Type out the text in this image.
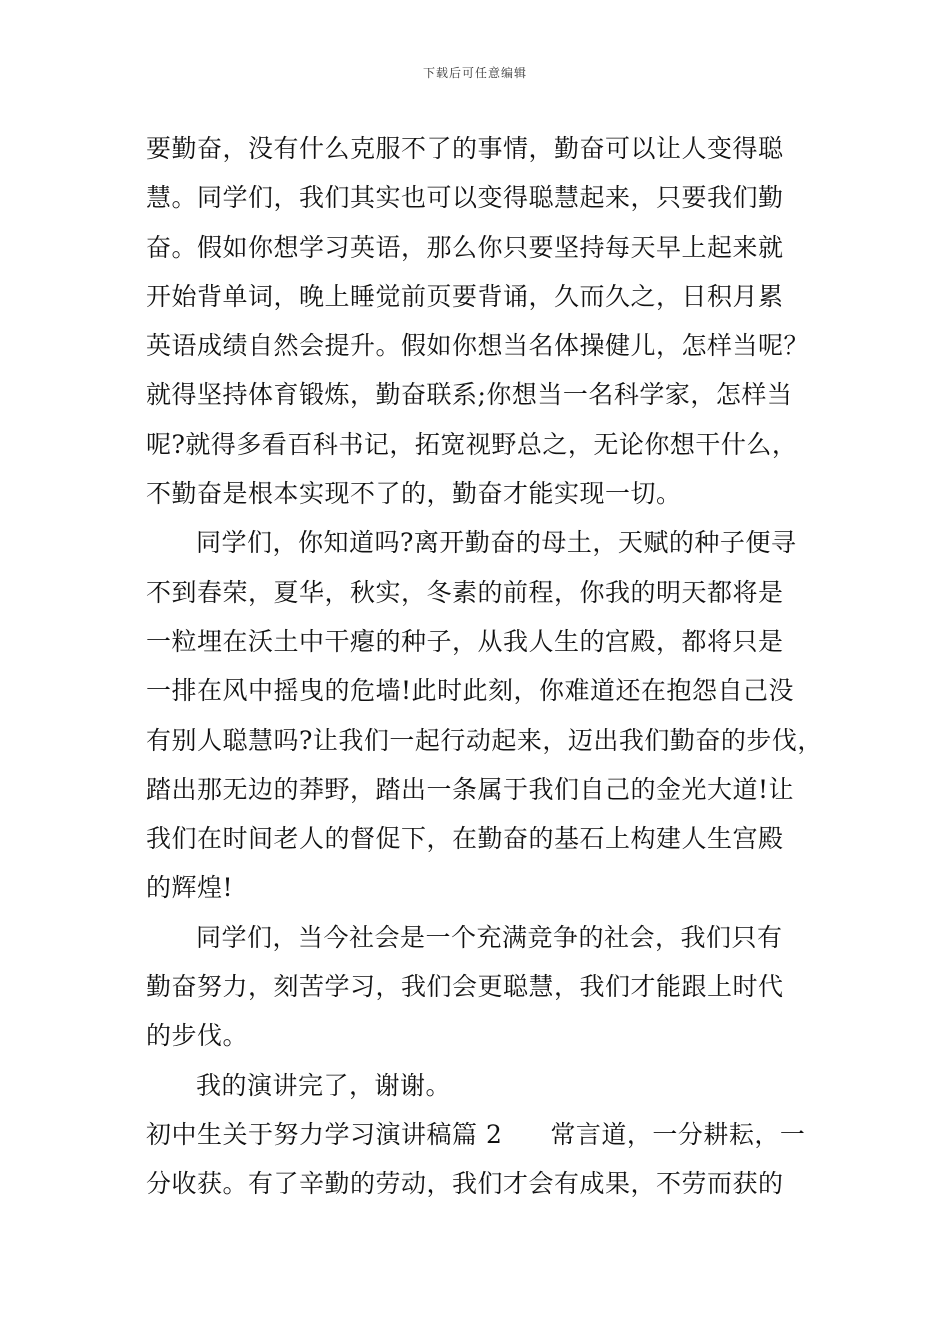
下载后可任意编辑
要勤奋，没有什么克服不了的事情，勤奋可以让人变得聪
慧。同学们，我们其实也可以变得聪慧起来，只要我们勤
奋。假如你想学习英语，那么你只要坚持每天早上起来就
开始背单词，晚上睡觉前页要背诵，久而久之，日积月累
英语成绩自然会提升。假如你想当名体操健儿，怎样当呢？
就得坚持体育锻炼，勤奋联系;你想当一名科学家，怎样当
呢?就得多看百科书记，拓宽视野总之，无论你想干什么，
不勤奋是根本实现不了的，勤奋才能实现一切。
同学们，你知道吗?离开勤奋的母土，天赋的种子便寻
不到春荣，夏华，秋实，冬素的前程，你我的明天都将是
一粒埋在沃土中干瘪的种子，从我人生的宫殿，都将只是
一排在风中摇曳的危墙!此时此刻，你难道还在抱怨自己没
有别人聪慧吗?让我们一起行动起来，迈出我们勤奋的步伐，
踏出那无边的莽野，踏出一条属于我们自己的金光大道!让
我们在时间老人的督促下，在勤奋的基石上构建人生宫殿
的辉煌!
同学们，当今社会是一个充满竞争的社会，我们只有
勤奋努力，刻苦学习，我们会更聪慧，我们才能跟上时代
的步伐。
我的演讲完了，谢谢。
初中生关于努力学习演讲稿篇 2 常言道，一分耕耘，一
分收获。有了辛勤的劳动，我们才会有成果，不劳而获的
